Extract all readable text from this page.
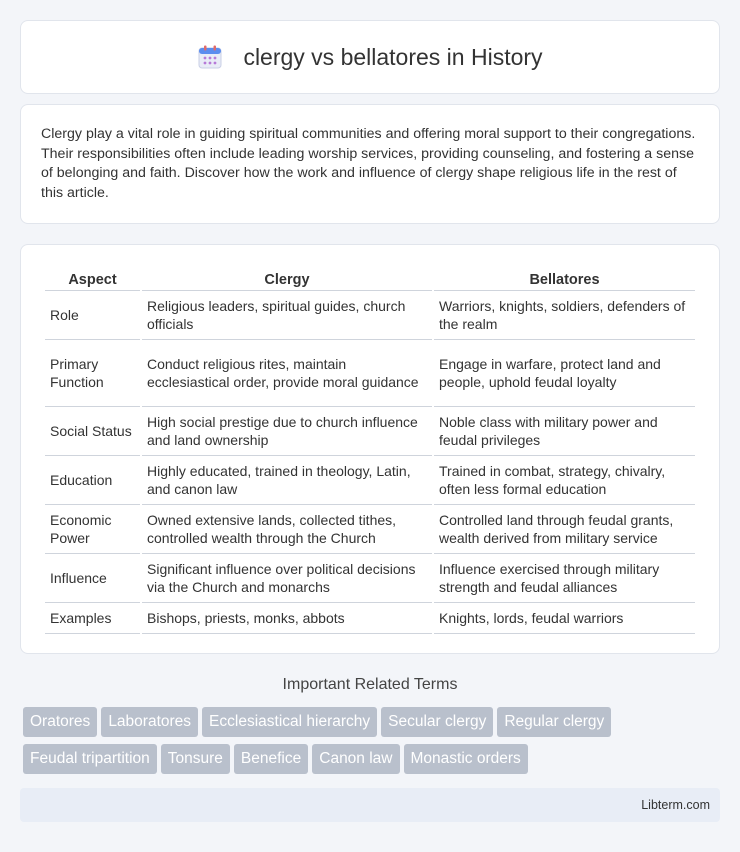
clergy vs bellatores in History

Clergy play a vital role in guiding spiritual communities and offering moral support to their congregations. Their responsibilities often include leading worship services, providing counseling, and fostering a sense of belonging and faith. Discover how the work and influence of clergy shape religious life in the rest of this article.

Aspect	Clergy	Bellatores
Role	Religious leaders, spiritual guides, church officials	Warriors, knights, soldiers, defenders of the realm
Primary Function	Conduct religious rites, maintain ecclesiastical order, provide moral guidance	Engage in warfare, protect land and people, uphold feudal loyalty
Social Status	High social prestige due to church influence and land ownership	Noble class with military power and feudal privileges
Education	Highly educated, trained in theology, Latin, and canon law	Trained in combat, strategy, chivalry, often less formal education
Economic Power	Owned extensive lands, collected tithes, controlled wealth through the Church	Controlled land through feudal grants, wealth derived from military service
Influence	Significant influence over political decisions via the Church and monarchs	Influence exercised through military strength and feudal alliances
Examples	Bishops, priests, monks, abbots	Knights, lords, feudal warriors
Important Related Terms
Oratores Laboratores Ecclesiastical hierarchy Secular clergy Regular clergy
Feudal tripartition Tonsure Benefice Canon law Monastic orders
Libterm.com
